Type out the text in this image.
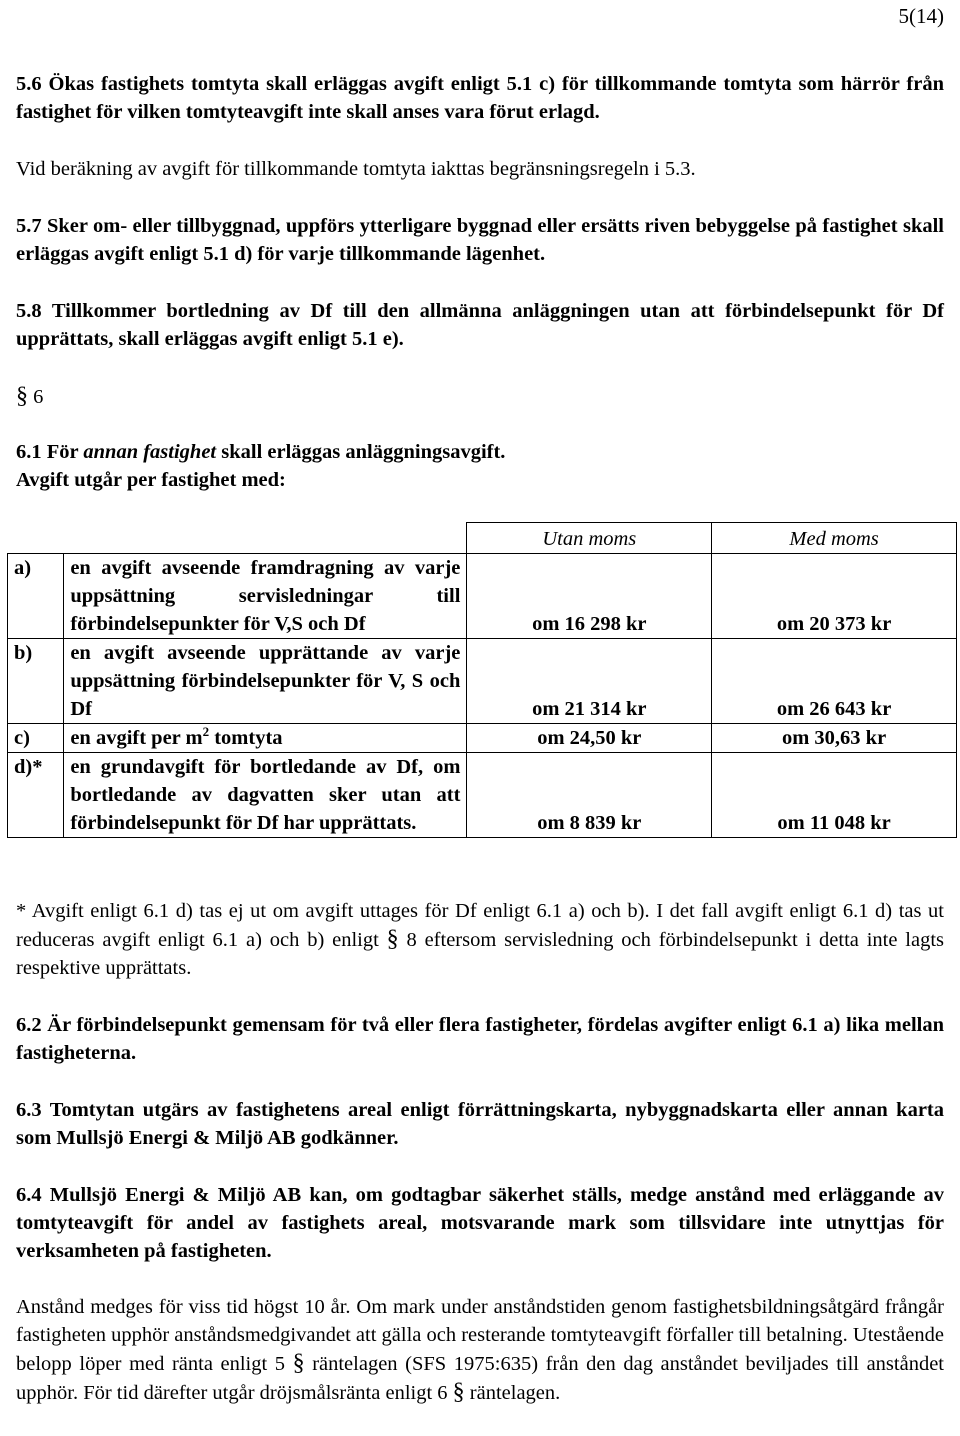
5(14)

5.6 Ökas fastighets tomtyta skall erläggas avgift enligt 5.1 c) för tillkommande tomtyta som härrör från fastighet för vilken tomtyteavgift inte skall anses vara förut erlagd.

Vid beräkning av avgift för tillkommande tomtyta iakttas begränsningsregeln i 5.3.

5.7 Sker om- eller tillbyggnad, uppförs ytterligare byggnad eller ersätts riven bebyggelse på fastighet skall erläggas avgift enligt 5.1 d) för varje tillkommande lägenhet.

5.8 Tillkommer bortledning av Df till den allmänna anläggningen utan att förbindelsepunkt för Df upprättats, skall erläggas avgift enligt 5.1 e).

§ 6

6.1 För annan fastighet skall erläggas anläggningsavgift.
Avgift utgår per fastighet med:

		Utan moms	Med moms
a)	en avgift avseende framdragning av varje uppsättning servisledningar till förbindelsepunkter för V,S och Df	om 16 298 kr	om 20 373 kr
b)	en avgift avseende upprättande av varje uppsättning förbindelsepunkter för V, S och Df	om 21 314 kr	om 26 643 kr
c)	en avgift per $m^2$ tomtyta	om 24,50 kr	om 30,63 kr
d)*	en grundavgift för bortledande av Df, om bortledande av dagvatten sker utan att förbindelsepunkt för Df har upprättats.	om 8 839 kr	om 11 048 kr

* Avgift enligt 6.1 d) tas ej ut om avgift uttages för Df enligt 6.1 a) och b). I det fall avgift enligt 6.1 d) tas ut reduceras avgift enligt 6.1 a) och b) enligt § 8 eftersom servisledning och förbindelsepunkt i detta inte lagts respektive upprättats.

6.2 Är förbindelsepunkt gemensam för två eller flera fastigheter, fördelas avgifter enligt 6.1 a) lika mellan fastigheterna.

6.3 Tomtytan utgärs av fastighetens areal enligt förrättningskarta, nybyggnadskarta eller annan karta som Mullsjö Energi & Miljö AB godkänner.

6.4 Mullsjö Energi & Miljö AB kan, om godtagbar säkerhet ställs, medge anstånd med erläggande av tomtyteavgift för andel av fastighets areal, motsvarande mark som tillsvidare inte utnyttjas för verksamheten på fastigheten.

Anstånd medges för viss tid högst 10 år. Om mark under anståndstiden genom fastighetsbildningsåtgärd frångår fastigheten upphör anståndsmedgivandet att gälla och resterande tomtyteavgift förfaller till betalning. Utestående belopp löper med ränta enligt 5 § räntelagen (SFS 1975:635) från den dag anståndet beviljades till anståndet upphör. För tid därefter utgår dröjsmålsränta enligt 6 § räntelagen.
